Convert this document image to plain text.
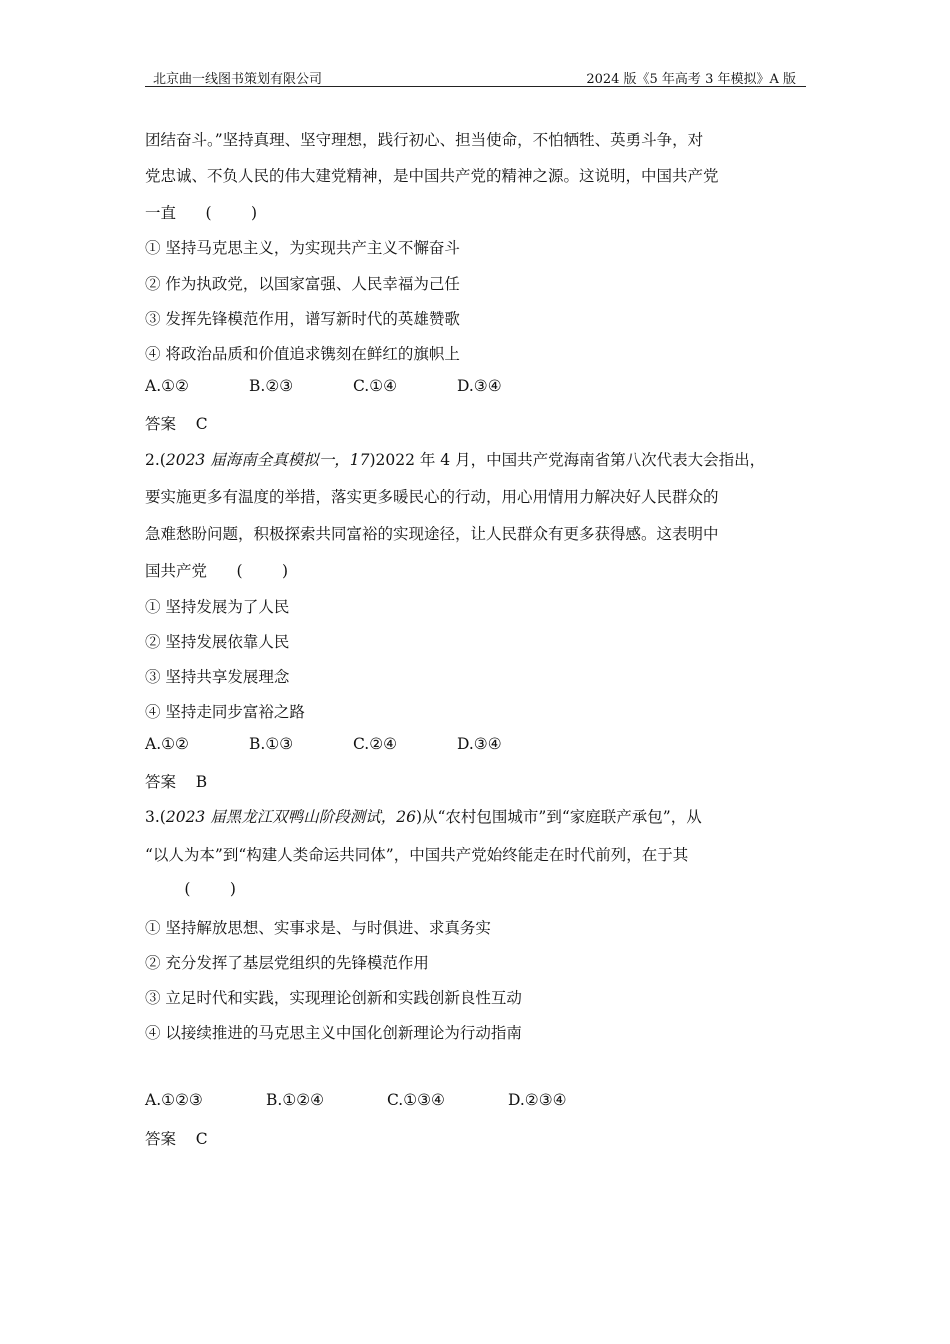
北京曲一线图书策划有限公司	2024 版《5 年高考 3 年模拟》A 版
团结奋斗。”坚持真理、坚守理想，践行初心、担当使命，不怕牺牲、英勇斗争，对
党忠诚、不负人民的伟大建党精神，是中国共产党的精神之源。这说明，中国共产党
一直      (        )
① 坚持马克思主义，为实现共产主义不懈奋斗
② 作为执政党，以国家富强、人民幸福为己任
③ 发挥先锋模范作用，谱写新时代的英雄赞歌
④ 将政治品质和价值追求镌刻在鲜红的旗帜上
A.①②	B.②③	C.①④	D.③④
答案    C
2.(2023 届海南全真模拟一，17)2022 年 4 月，中国共产党海南省第八次代表大会指出，
要实施更多有温度的举措，落实更多暖民心的行动，用心用情用力解决好人民群众的
急难愁盼问题，积极探索共同富裕的实现途径，让人民群众有更多获得感。这表明中
国共产党      (        )
① 坚持发展为了人民
② 坚持发展依靠人民
③ 坚持共享发展理念
④ 坚持走同步富裕之路
A.①②	B.①③	C.②④	D.③④
答案    B
3.(2023 届黑龙江双鸭山阶段测试，26)从“农村包围城市”到“家庭联产承包”，从
“以人为本”到“构建人类命运共同体”，中国共产党始终能走在时代前列，在于其
(        )
① 坚持解放思想、实事求是、与时俱进、求真务实
② 充分发挥了基层党组织的先锋模范作用
③ 立足时代和实践，实现理论创新和实践创新良性互动
④ 以接续推进的马克思主义中国化创新理论为行动指南
A.①②③	B.①②④	C.①③④	D.②③④
答案    C
